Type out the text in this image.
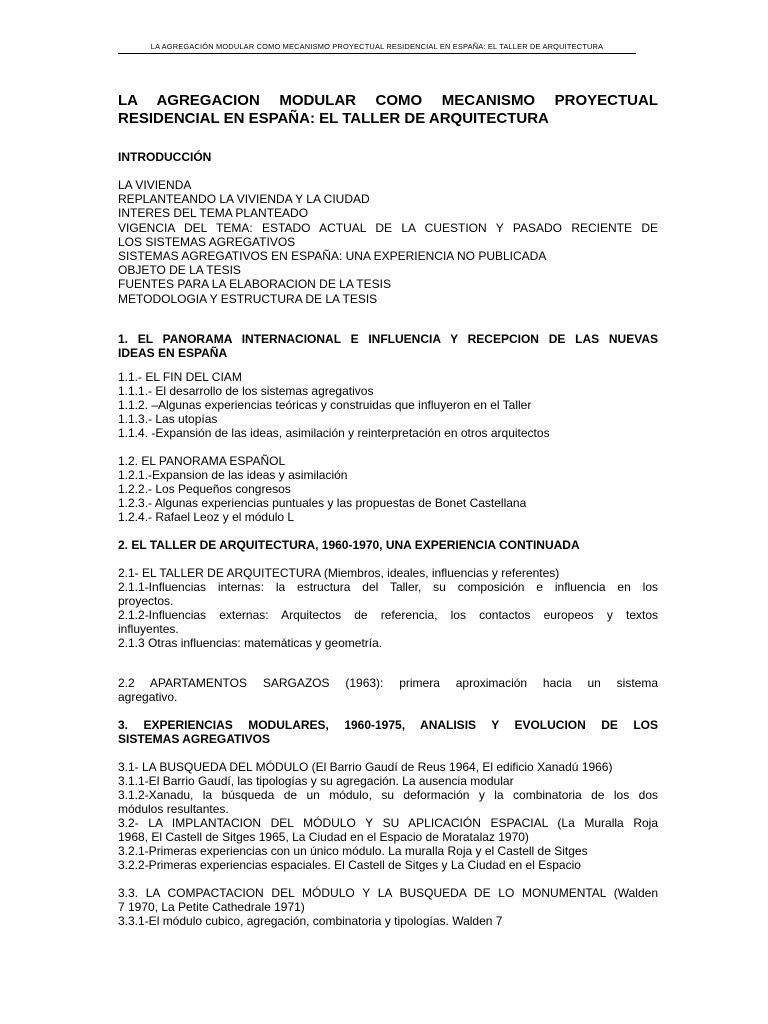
LA AGREGACIÓN MODULAR COMO MECANISMO PROYECTUAL RESIDENCIAL EN ESPAÑA: EL TALLER DE ARQUITECTURA
LA AGREGACION MODULAR COMO MECANISMO PROYECTUAL
RESIDENCIAL EN ESPAÑA: EL TALLER DE ARQUITECTURA
INTRODUCCIÓN
LA VIVIENDA
REPLANTEANDO LA VIVIENDA Y LA CIUDAD
INTERES DEL TEMA PLANTEADO
VIGENCIA DEL TEMA: ESTADO ACTUAL DE LA CUESTION Y PASADO RECIENTE DE
LOS SISTEMAS AGREGATIVOS
SISTEMAS AGREGATIVOS EN ESPAÑA: UNA EXPERIENCIA NO PUBLICADA
OBJETO DE LA TESIS
FUENTES PARA LA ELABORACION DE LA TESIS
METODOLOGIA Y ESTRUCTURA DE LA TESIS
1. EL PANORAMA INTERNACIONAL E INFLUENCIA Y RECEPCION DE LAS NUEVAS
IDEAS EN ESPAÑA
1.1.- EL FIN DEL CIAM
1.1.1.- El desarrollo de los sistemas agregativos
1.1.2. –Algunas experiencias teóricas y construidas que influyeron en el Taller
1.1.3.- Las utopías
1.1.4. -Expansión de las ideas, asimilación y reinterpretación en otros arquitectos
1.2. EL PANORAMA ESPAÑOL
1.2.1.-Expansion de las ideas y asimilación
1.2.2.- Los Pequeños congresos
1.2.3.- Algunas experiencias puntuales y las propuestas de Bonet Castellana
1.2.4.- Rafael Leoz y el módulo L
2. EL TALLER DE ARQUITECTURA, 1960-1970, UNA EXPERIENCIA CONTINUADA
2.1- EL TALLER DE ARQUITECTURA (Miembros, ideales, influencias y referentes)
2.1.1-Influencias internas: la estructura del Taller, su composición e influencia en los
proyectos.
2.1.2-Influencias externas: Arquitectos de referencia, los contactos europeos y textos
influyentes.
2.1.3 Otras influencias: matemáticas y geometría.
2.2 APARTAMENTOS SARGAZOS (1963): primera aproximación hacia un sistema
agregativo.
3. EXPERIENCIAS MODULARES, 1960-1975, ANALISIS Y EVOLUCION DE LOS
SISTEMAS AGREGATIVOS
3.1- LA BUSQUEDA DEL MÓDULO (El Barrio Gaudí de Reus 1964, El edificio Xanadú 1966)
3.1.1-El Barrio Gaudí, las tipologías y su agregación. La ausencia modular
3.1.2-Xanadu, la búsqueda de un módulo, su deformación y la combinatoria de los dos
módulos resultantes.
3.2- LA IMPLANTACION DEL MÓDULO Y SU APLICACIÓN ESPACIAL (La Muralla Roja
1968, El Castell de Sitges 1965, La Ciudad en el Espacio de Moratalaz 1970)
3.2.1-Primeras experiencias con un único módulo. La muralla Roja y el Castell de Sitges
3.2.2-Primeras experiencias espaciales. El Castell de Sitges y La Ciudad en el Espacio
3.3. LA COMPACTACION DEL MÓDULO Y LA BUSQUEDA DE LO MONUMENTAL (Walden
7 1970, La Petite Cathedrale 1971)
3.3.1-El módulo cubico, agregación, combinatoria y tipologías. Walden 7
